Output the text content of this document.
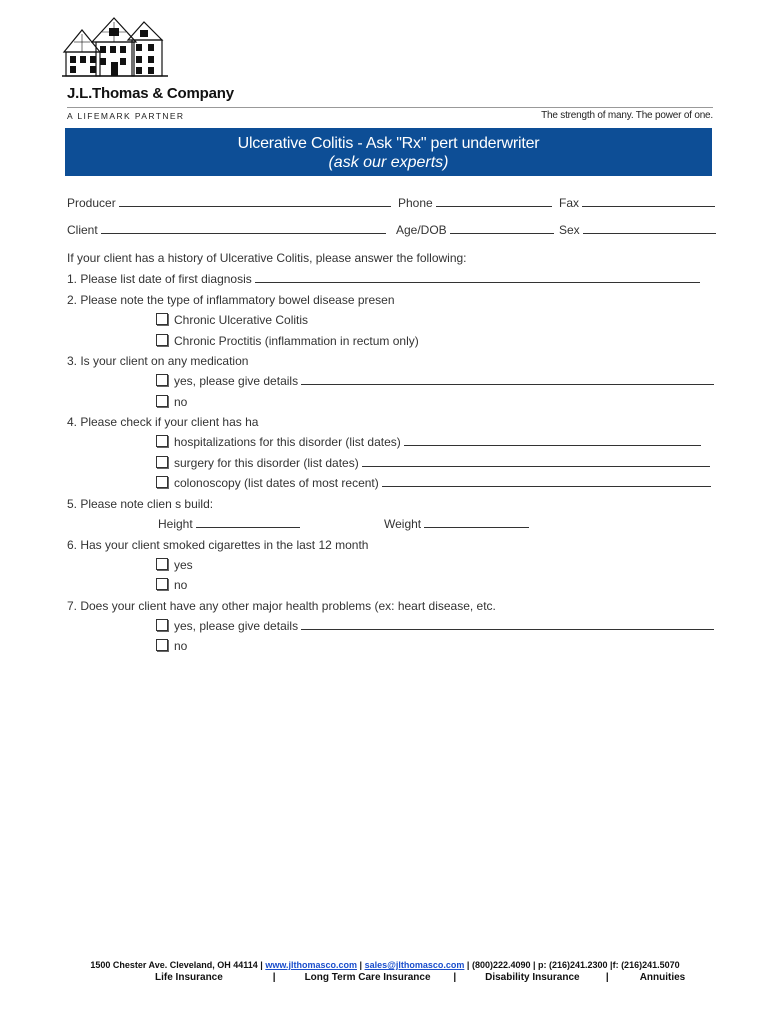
J.L.Thomas & Company
A LIFEMARK PARTNER	The strength of many. The power of one.
Ulcerative Colitis - Ask "Rx" pert underwriter
(ask our experts)
Producer	Phone	Fax
Client	Age/DOB	Sex
If your client has a history of Ulcerative Colitis, please answer the following:
1. Please list date of first diagnosis
2. Please note the type of inflammatory bowel disease presen
Chronic Ulcerative Colitis
Chronic Proctitis (inflammation in rectum only)
3. Is your client on any medication
yes, please give details
no
4. Please check if your client has ha
hospitalizations for this disorder (list dates)
surgery for this disorder (list dates)
colonoscopy (list dates of most recent)
5. Please note clien s build:
Height	Weight
6. Has your client smoked cigarettes in the last 12 month
yes
no
7. Does your client have any other major health problems (ex: heart disease, etc.
yes, please give details
no
1500 Chester Ave. Cleveland, OH 44114 | www.jlthomasco.com | sales@jlthomasco.com | (800)222.4090 | p: (216)241.2300 |f: (216)241.5070
Life Insurance	|	Long Term Care Insurance |	Disability Insurance	|	Annuities
